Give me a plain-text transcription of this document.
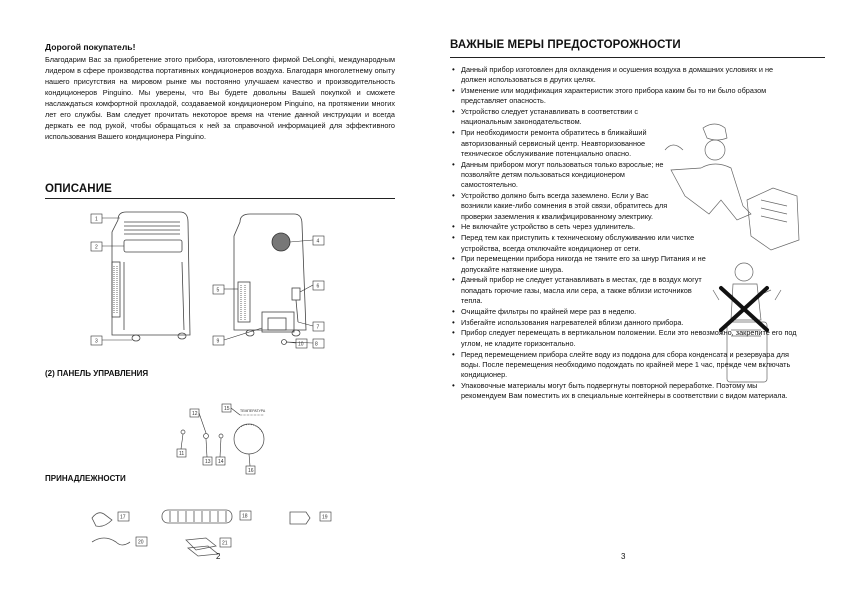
Дорогой покупатель!

Благодарим Вас за приобретение этого прибора, изготовленного фирмой DeLonghi, международным лидером в сфере производства портативных кондиционеров воздуха. Благодаря многолетнему опыту нашего присутствия на мировом рынке мы постоянно улучшаем качество и производительность кондиционеров Pinguino. Мы уверены, что Вы будете довольны Вашей покупкой и сможете наслаждаться комфортной прохладой, создаваемой кондиционером Pinguino, на протяжении многих лет его службы. Вам следует прочитать некоторое время на чтение данной инструкции и всегда держать ее под рукой, чтобы обращаться к ней за справочной информацией для эффективного использования Вашего кондиционера Pinguino.

ОПИСАНИЕ
1
2
3
4
5
6
7
8
9	10
11
12
13 14
15
16
ТЕМПЕРАТУРА
17	18	19
20	21
(2) ПАНЕЛЬ УПРАВЛЕНИЯ
ПРИНАДЛЕЖНОСТИ
2
ВАЖНЫЕ МЕРЫ ПРЕДОСТОРОЖНОСТИ
• Данный прибор изготовлен для охлаждения и осушения воздуха в домашних условиях и не должен использоваться в других целях.
• Изменение или модификация характеристик этого прибора каким бы то ни было образом представляет опасность.
• Устройство следует устанавливать в соответствии с национальным законодательством.
• При необходимости ремонта обратитесь в ближайший авторизованный сервисный центр. Неавторизованное техническое обслуживание потенциально опасно.
• Данным прибором могут пользоваться только взрослые; не позволяйте детям пользоваться кондиционером самостоятельно.
• Устройство должно быть всегда заземлено. Если у Вас возникли какие-либо сомнения в этой связи, обратитесь для проверки заземления к квалифицированному электрику.
• Не включайте устройство в сеть через удлинитель.
• Перед тем как приступить к техническому обслуживанию или чистке устройства, всегда отключайте кондиционер от сети.
• При перемещении прибора никогда не тяните его за шнур Питания и не допускайте натяжение шнура.
• Данный прибор не следует устанавливать в местах, где в воздух могут попадать горючие газы, масла или сера, а также вблизи источников тепла.
• Очищайте фильтры по крайней мере раз в неделю.
• Избегайте использования нагревателей вблизи данного прибора.
• Прибор следует перемещать в вертикальном положении. Если это невозможно, закрепите его под углом, не кладите горизонтально.
• Перед перемещением прибора слейте воду из поддона для сбора конденсата и резервуара для воды. После перемещения необходимо подождать по крайней мере 1 час, прежде чем включать кондиционер.
• Упаковочные материалы могут быть подвергнуты повторной переработке. Поэтому мы рекомендуем Вам поместить их в специальные контейнеры в соответствии с видом материала.
3
